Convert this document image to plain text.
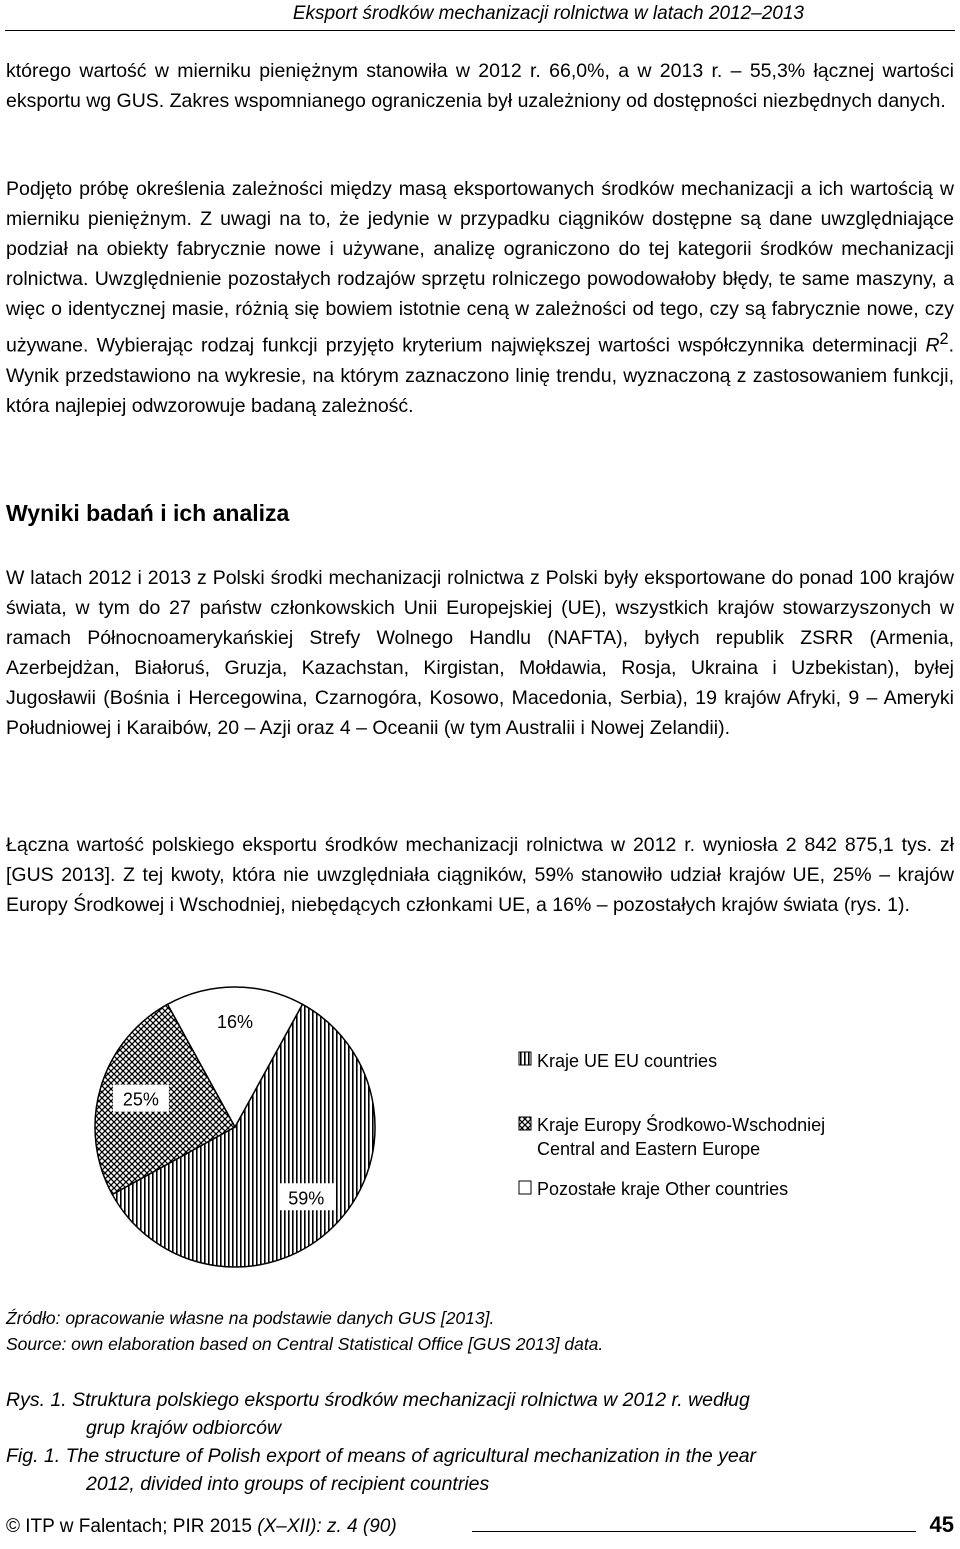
Eksport środków mechanizacji rolnictwa w latach 2012–2013

którego wartość w mierniku pieniężnym stanowiła w 2012 r. 66,0%, a w 2013 r. – 55,3% łącznej wartości eksportu wg GUS. Zakres wspomnianego ograniczenia był uzależniony od dostępności niezbędnych danych.

Podjęto próbę określenia zależności między masą eksportowanych środków mechanizacji a ich wartością w mierniku pieniężnym. Z uwagi na to, że jedynie w przypadku ciągników dostępne są dane uwzględniające podział na obiekty fabrycznie nowe i używane, analizę ograniczono do tej kategorii środków mechanizacji rolnictwa. Uwzględnienie pozostałych rodzajów sprzętu rolniczego powodowałoby błędy, te same maszyny, a więc o identycznej masie, różnią się bowiem istotnie ceną w zależności od tego, czy są fabrycznie nowe, czy używane. Wybierając rodzaj funkcji przyjęto kryterium największej wartości współczynnika determinacji $R^2$. Wynik przedstawiono na wykresie, na którym zaznaczono linię trendu, wyznaczoną z zastosowaniem funkcji, która najlepiej odwzorowuje badaną zależność.

Wyniki badań i ich analiza

W latach 2012 i 2013 z Polski środki mechanizacji rolnictwa z Polski były eksportowane do ponad 100 krajów świata, w tym do 27 państw członkowskich Unii Europejskiej (UE), wszystkich krajów stowarzyszonych w ramach Północnoamerykańskiej Strefy Wolnego Handlu (NAFTA), byłych republik ZSRR (Armenia, Azerbejdżan, Białoruś, Gruzja, Kazachstan, Kirgistan, Mołdawia, Rosja, Ukraina i Uzbekistan), byłej Jugosławii (Bośnia i Hercegowina, Czarnogóra, Kosowo, Macedonia, Serbia), 19 krajów Afryki, 9 – Ameryki Południowej i Karaibów, 20 – Azji oraz 4 – Oceanii (w tym Australii i Nowej Zelandii).

Łączna wartość polskiego eksportu środków mechanizacji rolnictwa w 2012 r. wyniosła 2 842 875,1 tys. zł [GUS 2013]. Z tej kwoty, która nie uwzględniała ciągników, 59% stanowiło udział krajów UE, 25% – krajów Europy Środkowej i Wschodniej, niebędących członkami UE, a 16% – pozostałych krajów świata (rys. 1).

59%
25%
16%
Kraje UE EU countries
Kraje Europy Środkowo-Wschodniej
Central and Eastern Europe
Pozostałe kraje Other countries

Źródło: opracowanie własne na podstawie danych GUS [2013].

Source: own elaboration based on Central Statistical Office [GUS 2013] data.

Rys. 1. Struktura polskiego eksportu środków mechanizacji rolnictwa w 2012 r. według
grup krajów odbiorców
Fig. 1. The structure of Polish export of means of agricultural mechanization in the year
2012, divided into groups of recipient countries
© ITP w Falentach; PIR 2015 (X–XII): z. 4 (90)	45
